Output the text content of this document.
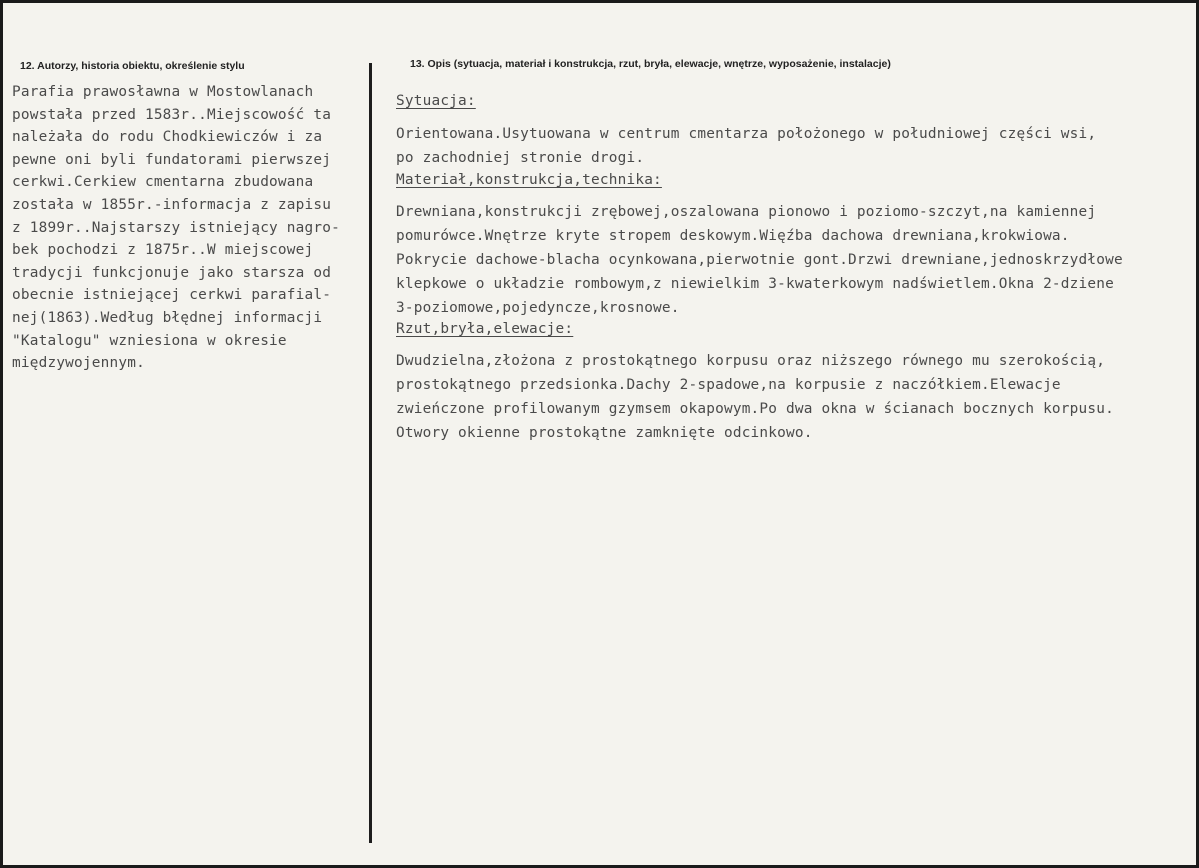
12. Autorzy, historia obiektu, określenie stylu	13. Opis (sytuacja, materiał i konstrukcja, rzut, bryła, elewacje, wnętrze, wyposażenie, instalacje)
Parafia prawosławna w Mostowlanach
powstała przed 1583r..Miejscowość ta
należała do rodu Chodkiewiczów i za
pewne oni byli fundatorami pierwszej
cerkwi.Cerkiew cmentarna zbudowana
została w 1855r.-informacja z zapisu
z 1899r..Najstarszy istniejący nagro-
bek pochodzi z 1875r..W miejscowej
tradycji funkcjonuje jako starsza od
obecnie istniejącej cerkwi parafial-
nej(1863).Według błędnej informacji
"Katalogu" wzniesiona w okresie
międzywojennym.
Sytuacja:
Orientowana.Usytuowana w centrum cmentarza położonego w południowej części wsi,
po zachodniej stronie drogi.
Materiał,konstrukcja,technika:
Drewniana,konstrukcji zrębowej,oszalowana pionowo i poziomo-szczyt,na kamiennej
pomurówce.Wnętrze kryte stropem deskowym.Więźba dachowa drewniana,krokwiowa.
Pokrycie dachowe-blacha ocynkowana,pierwotnie gont.Drzwi drewniane,jednoskrzydłowe
klepkowe o układzie rombowym,z niewielkim 3-kwaterkowym nadświetlem.Okna 2-dziene
3-poziomowe,pojedyncze,krosnowe.
Rzut,bryła,elewacje:
Dwudzielna,złożona z prostokątnego korpusu oraz niższego równego mu szerokością,
prostokątnego przedsionka.Dachy 2-spadowe,na korpusie z naczółkiem.Elewacje
zwieńczone profilowanym gzymsem okapowym.Po dwa okna w ścianach bocznych korpusu.
Otwory okienne prostokątne zamknięte odcinkowo.
